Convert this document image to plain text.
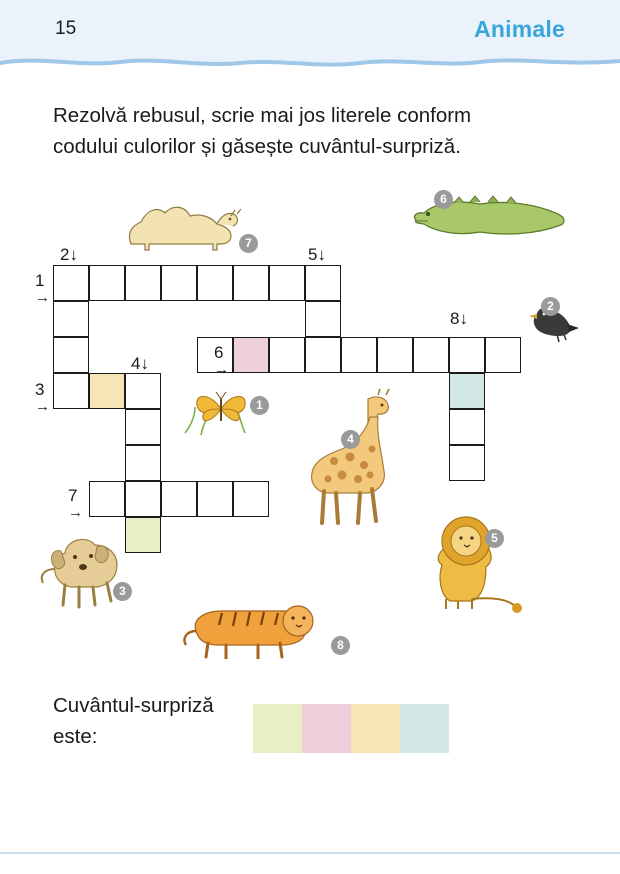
15	Animale
Rezolvă rebusul, scrie mai jos literele conform
codului culorilor și găsește cuvântul-surpriză.
2↓	5↓
1
→
8↓
4↓
6
→
3
→
7
→
7
6
2
1
4
5
3
8
Cuvântul-surpriză
este:
